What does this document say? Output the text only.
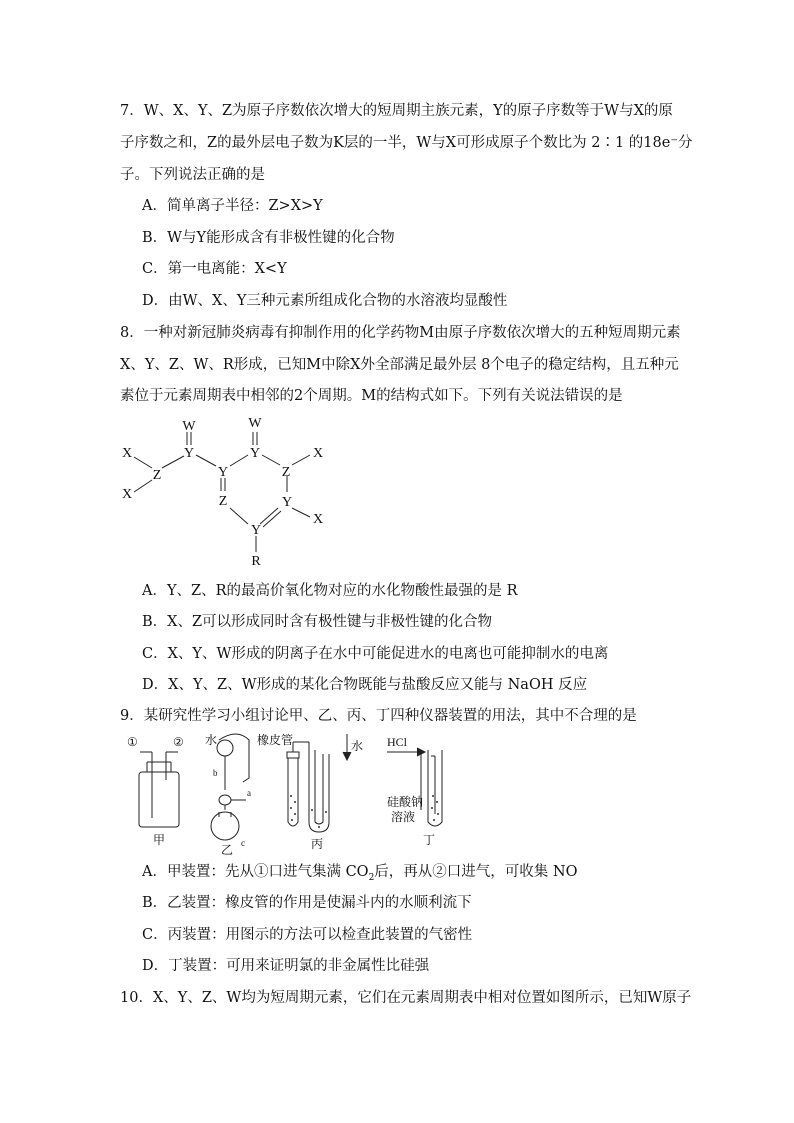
7．W、X、Y、Z为原子序数依次增大的短周期主族元素，Y的原子序数等于W与X的原
子序数之和，Z的最外层电子数为K层的一半，W与X可形成原子个数比为 2∶1 的18e⁻分
子。下列说法正确的是
A．简单离子半径：Z>X>Y
B．W与Y能形成含有非极性键的化合物
C．第一电离能：X<Y
D．由W、X、Y三种元素所组成化合物的水溶液均显酸性
8．一种对新冠肺炎病毒有抑制作用的化学药物M由原子序数依次增大的五种短周期元素
X、Y、Z、W、R形成，已知M中除X外全部满足最外层 8个电子的稳定结构，且五种元
素位于元素周期表中相邻的2个周期。M的结构式如下。下列有关说法错误的是
X
X
Z
W
Y
W
Y
Y	Z
X
Z	Y
X
Y
R
A．Y、Z、R的最高价氧化物对应的水化物酸性最强的是 R
B．X、Z可以形成同时含有极性键与非极性键的化合物
C．X、Y、W形成的阴离子在水中可能促进水的电离也可能抑制水的电离
D．X、Y、Z、W形成的某化合物既能与盐酸反应又能与 NaOH 反应
9．某研究性学习小组讨论甲、乙、丙、丁四种仪器装置的用法，其中不合理的是
①	②
甲
水	橡皮管
a
b
c
乙
水
丙
HCl
硅酸钠
溶液
丁
A．甲装置：先从①口进气集满 $CO_2$后，再从②口进气，可收集 NO
B．乙装置：橡皮管的作用是使漏斗内的水顺利流下
C．丙装置：用图示的方法可以检查此装置的气密性
D．丁装置：可用来证明氯的非金属性比硅强
10．X、Y、Z、W均为短周期元素，它们在元素周期表中相对位置如图所示，已知W原子
